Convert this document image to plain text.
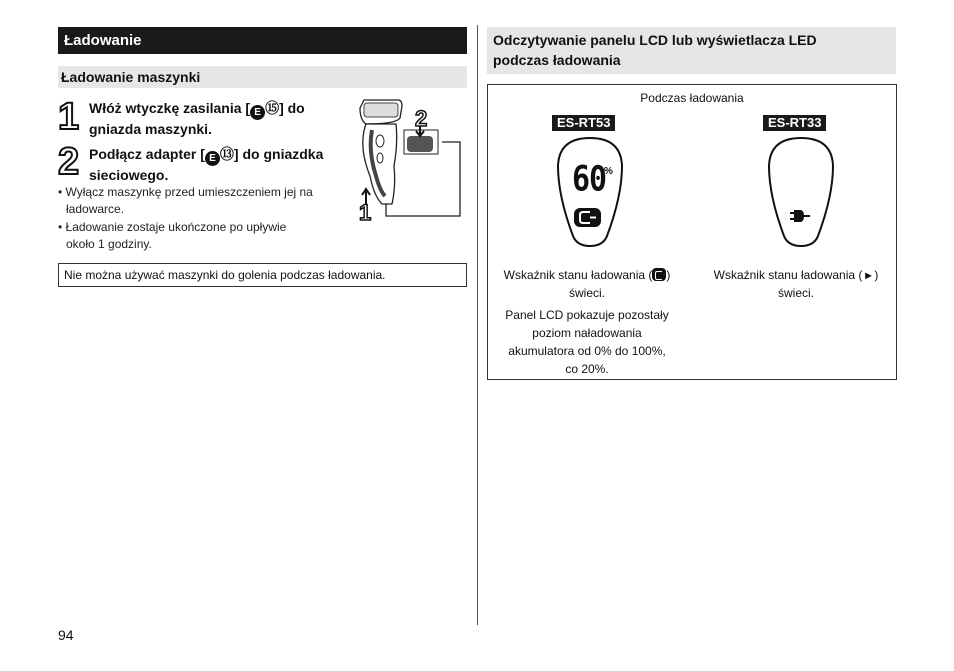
Ładowanie
Ładowanie maszynki
1 Włóż wtyczkę zasilania [ E ⑮] do
gniazda maszynki.
2 Podłącz adapter [ E ⑬] do gniazdka
sieciowego.
• Wyłącz maszynkę przed umieszczeniem jej na
ładowarce.
• Ładowanie zostaje ukończone po upływie
około 1 godziny.
2
1
Nie można używać maszynki do golenia podczas ładowania.
Odczytywanie panelu LCD lub wyświetlacza LED
podczas ładowania
Podczas ładowania
ES-RT53	ES-RT33
60
%
Wskaźnik stanu ładowania ( )
świeci.
Wskaźnik stanu ładowania ( ▸ )
świeci.
Panel LCD pokazuje pozostały
poziom naładowania
akumulatora od 0% do 100%,
co 20%.
94
